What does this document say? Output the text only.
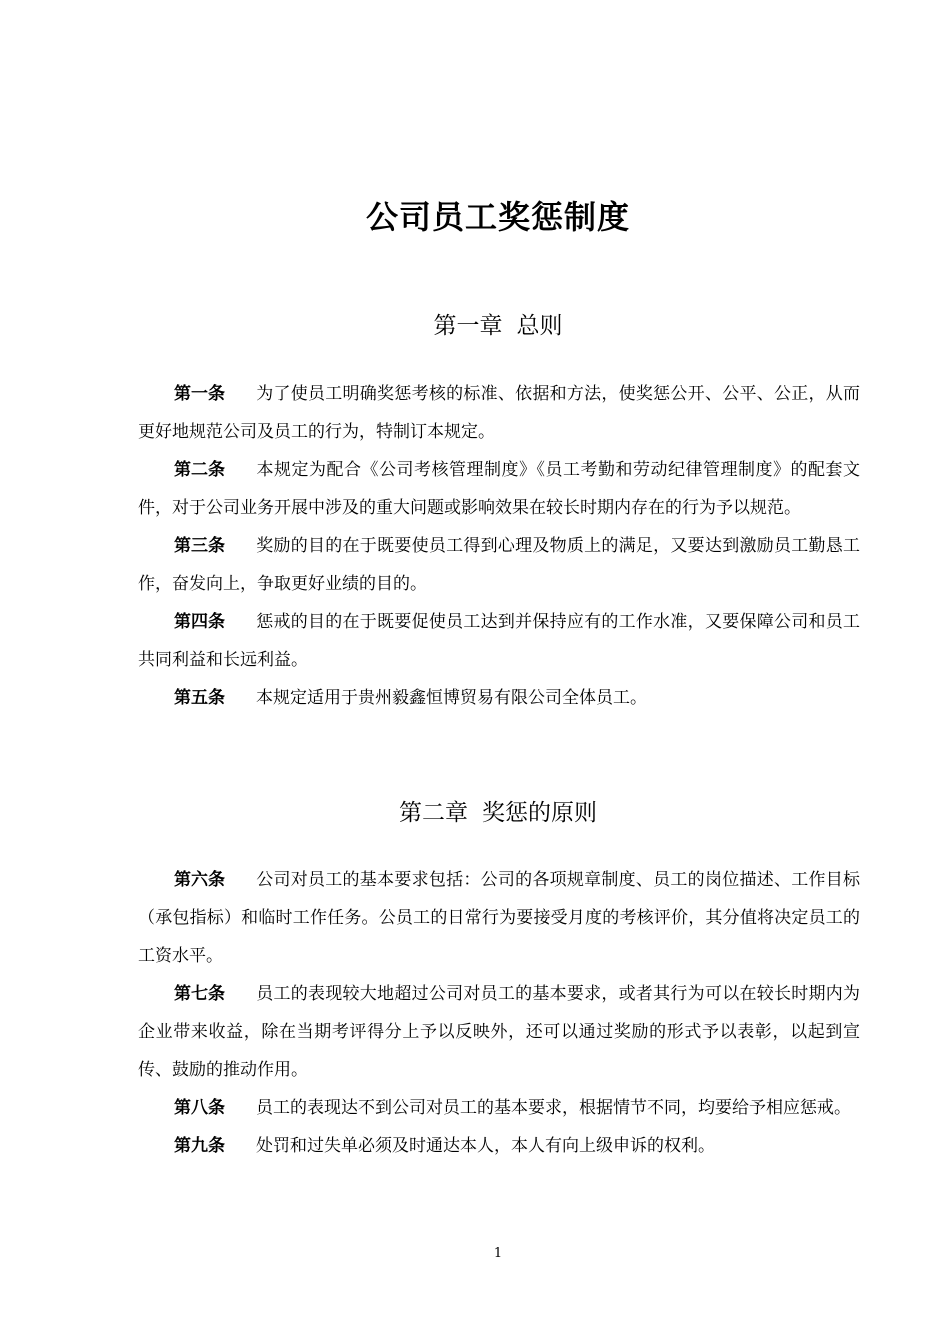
公司员工奖惩制度
第一章 总则

第一条 为了使员工明确奖惩考核的标准、依据和方法，使奖惩公开、公平、公正，从而更好地规范公司及员工的行为，特制订本规定。

第二条 本规定为配合《公司考核管理制度》《员工考勤和劳动纪律管理制度》的配套文件，对于公司业务开展中涉及的重大问题或影响效果在较长时期内存在的行为予以规范。

第三条 奖励的目的在于既要使员工得到心理及物质上的满足，又要达到激励员工勤恳工作，奋发向上，争取更好业绩的目的。

第四条 惩戒的目的在于既要促使员工达到并保持应有的工作水准，又要保障公司和员工共同利益和长远利益。

第五条 本规定适用于贵州毅鑫恒博贸易有限公司全体员工。

第二章 奖惩的原则

第六条 公司对员工的基本要求包括：公司的各项规章制度、员工的岗位描述、工作目标（承包指标）和临时工作任务。公员工的日常行为要接受月度的考核评价，其分值将决定员工的工资水平。

第七条 员工的表现较大地超过公司对员工的基本要求，或者其行为可以在较长时期内为企业带来收益，除在当期考评得分上予以反映外，还可以通过奖励的形式予以表彰，以起到宣传、鼓励的推动作用。

第八条 员工的表现达不到公司对员工的基本要求，根据情节不同，均要给予相应惩戒。

第九条 处罚和过失单必须及时通达本人，本人有向上级申诉的权利。

1
